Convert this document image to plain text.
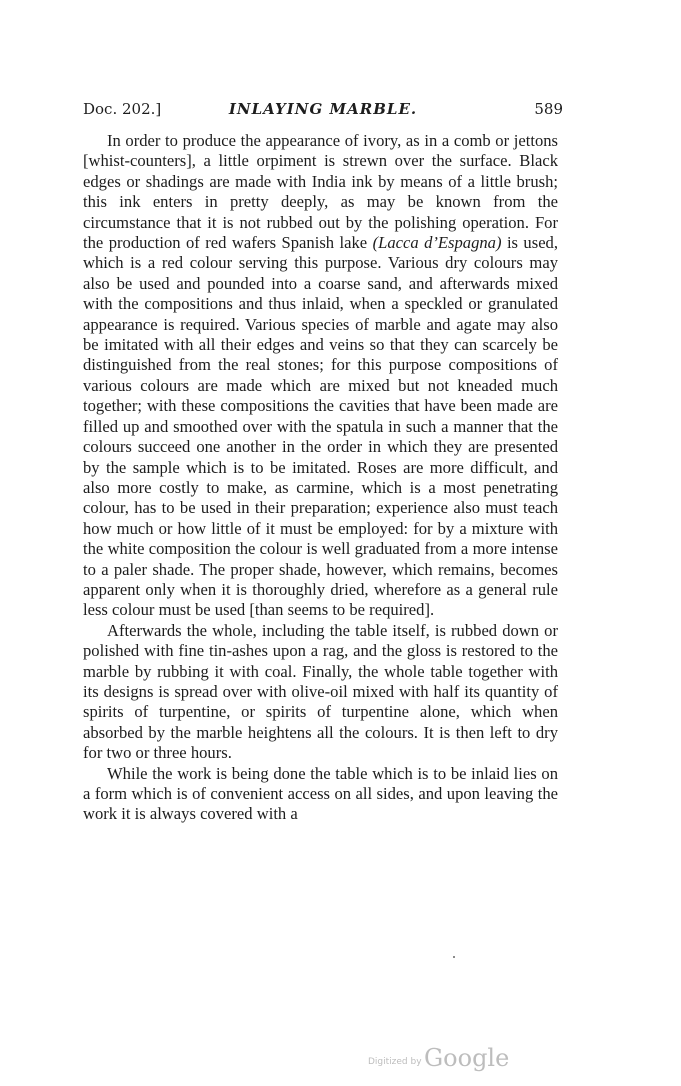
Doc. 202.]	INLAYING MARBLE.	589

In order to produce the appearance of ivory, as in a comb or jettons [whist-counters], a little orpiment is strewn over the surface. Black edges or shadings are made with India ink by means of a little brush; this ink enters in pretty deeply, as may be known from the circumstance that it is not rubbed out by the polishing operation. For the production of red wafers Spanish lake (Lacca d’Espagna) is used, which is a red colour serving this purpose. Various dry colours may also be used and pounded into a coarse sand, and afterwards mixed with the compositions and thus inlaid, when a speckled or granulated appearance is required. Various species of marble and agate may also be imitated with all their edges and veins so that they can scarcely be distinguished from the real stones; for this purpose compositions of various colours are made which are mixed but not kneaded much together; with these compositions the cavities that have been made are filled up and smoothed over with the spatula in such a manner that the colours succeed one another in the order in which they are presented by the sample which is to be imitated. Roses are more difficult, and also more costly to make, as carmine, which is a most penetrating colour, has to be used in their preparation; experience also must teach how much or how little of it must be employed: for by a mixture with the white composition the colour is well graduated from a more intense to a paler shade. The proper shade, however, which remains, becomes apparent only when it is thoroughly dried, wherefore as a general rule less colour must be used [than seems to be required].

Afterwards the whole, including the table itself, is rubbed down or polished with fine tin-ashes upon a rag, and the gloss is restored to the marble by rubbing it with coal. Finally, the whole table together with its designs is spread over with olive-oil mixed with half its quantity of spirits of turpentine, or spirits of turpentine alone, which when absorbed by the marble heightens all the colours. It is then left to dry for two or three hours.

While the work is being done the table which is to be inlaid lies on a form which is of convenient access on all sides, and upon leaving the work it is always covered with a

Digitized by Google
